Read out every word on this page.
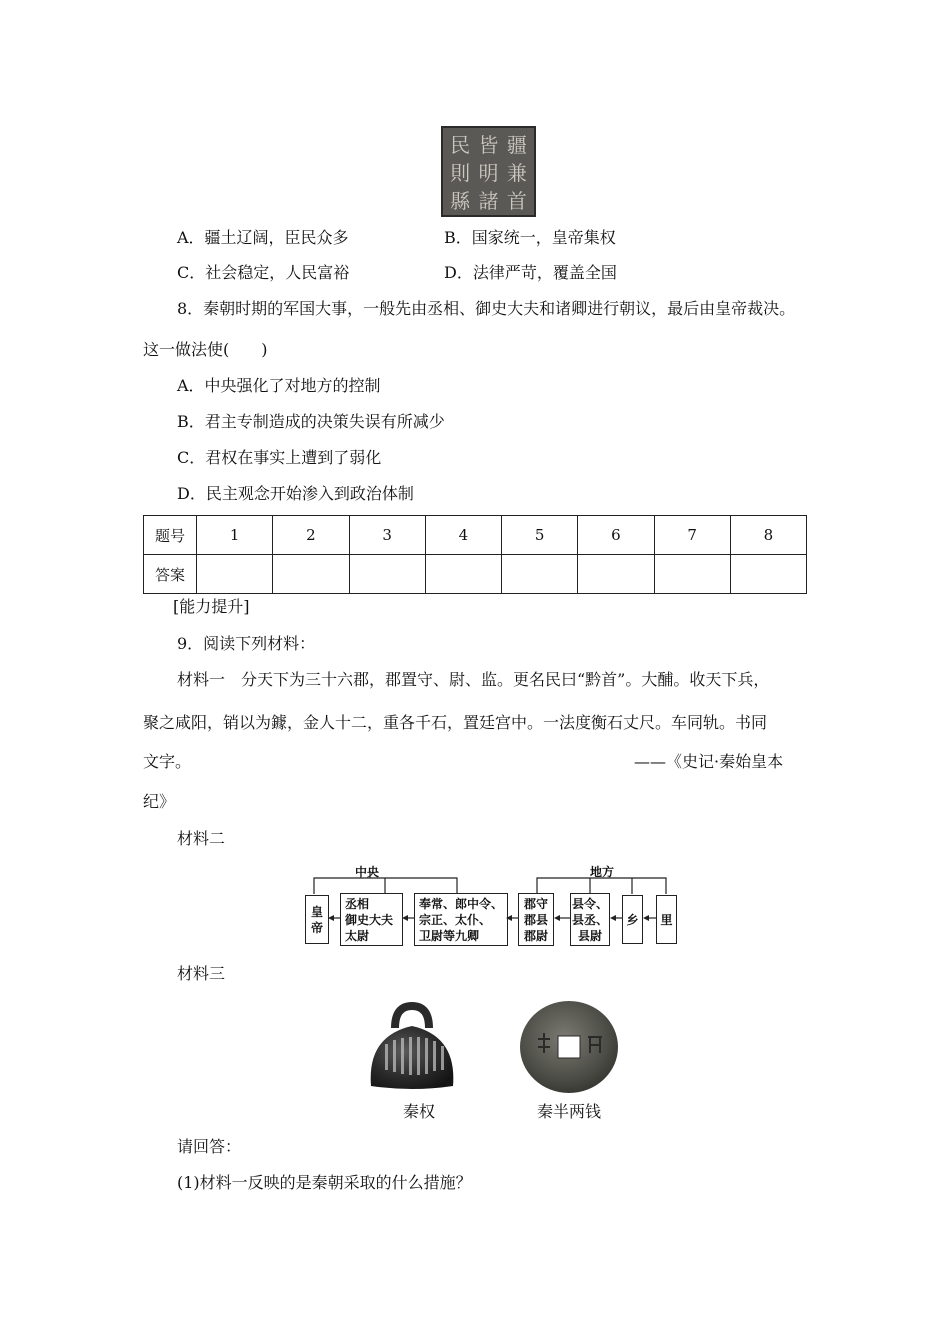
民 皆 疆
則 明 兼
縣 諸 首
A．疆土辽阔，臣民众多	B．国家统一，皇帝集权
C．社会稳定，人民富裕	D．法律严苛，覆盖全国
8．秦朝时期的军国大事，一般先由丞相、御史大夫和诸卿进行朝议，最后由皇帝裁决。
这一做法使(　　)
A．中央强化了对地方的控制
B．君主专制造成的决策失误有所减少
C．君权在事实上遭到了弱化
D．民主观念开始渗入到政治体制
题号	1	2	3	4	5	6	7	8
答案								
[能力提升]
9．阅读下列材料：
材料一　分天下为三十六郡，郡置守、尉、监。更名民曰“黔首”。大酺。收天下兵，
聚之咸阳，销以为鐻，金人十二，重各千石，置廷宫中。一法度衡石丈尺。车同轨。书同
文字。	——《史记·秦始皇本
纪》
材料二
中央	地方
皇
帝
丞相
御史大夫
太尉
奉常、郎中令、
宗正、太仆、
卫尉等九卿
郡守
郡县
郡尉
县令、
县丞、
县尉
乡	里
材料三
秦权	秦半两钱
请回答：
(1)材料一反映的是秦朝采取的什么措施？
